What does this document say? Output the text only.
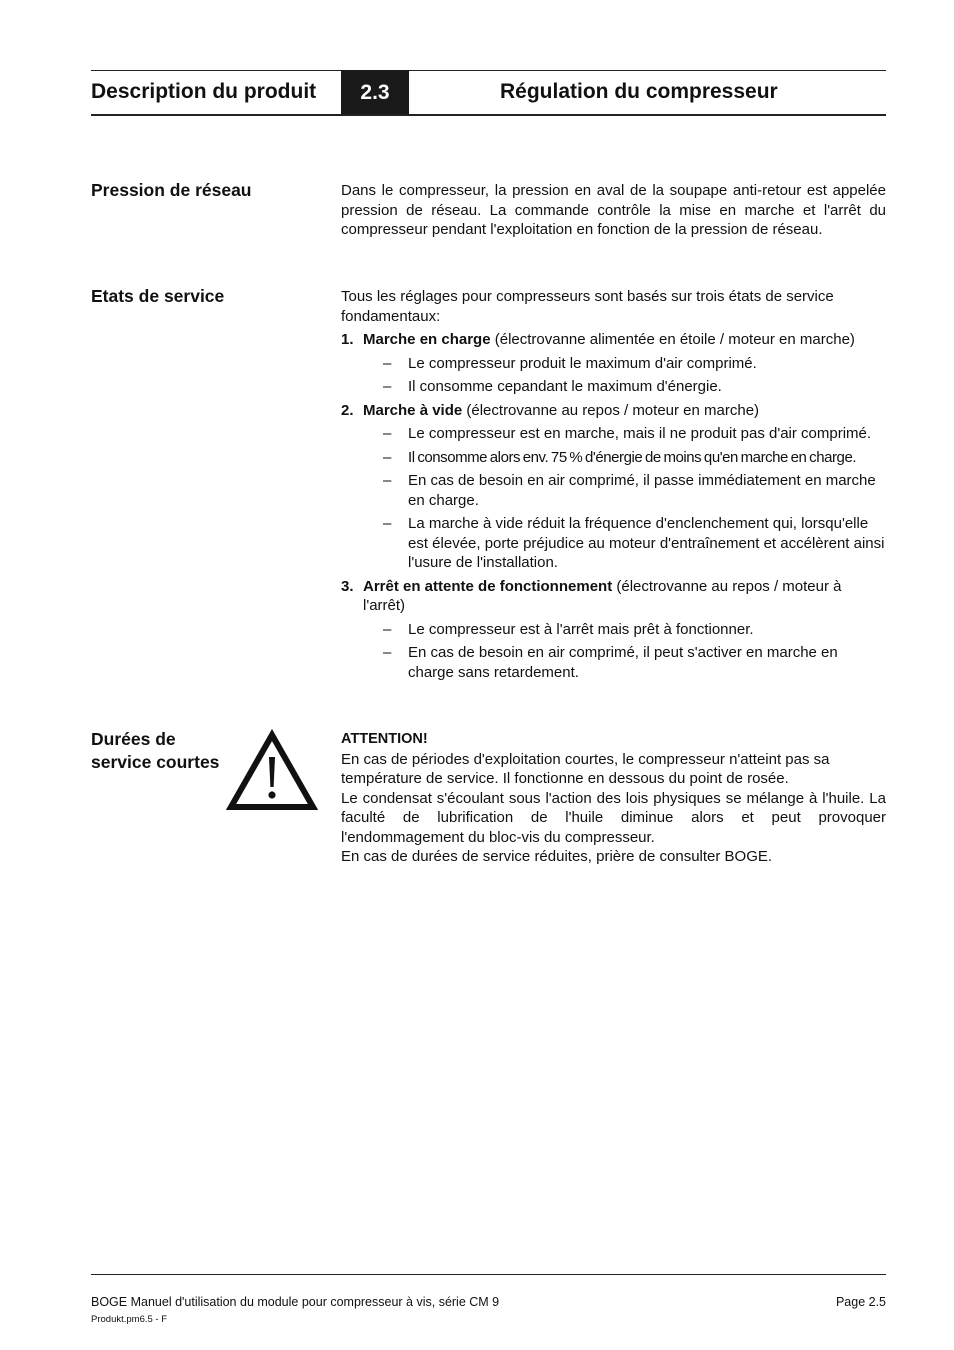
Description du produit	2.3	Régulation du compresseur
Pression de réseau	Dans le compresseur, la pression en aval de la soupape anti-retour est appelée pression de réseau. La commande contrôle la mise en marche et l'arrêt du compresseur pendant l'exploitation en fonction de la pression de réseau.

Etats de service	Tous les réglages pour compresseurs sont basés sur trois états de service fondamentaux:

1. Marche en charge (électrovanne alimentée en étoile / moteur en marche)
– Le compresseur produit le maximum d'air comprimé.
– Il consomme cepandant le maximum d'énergie.
2. Marche à vide (électrovanne au repos / moteur en marche)
– Le compresseur est en marche, mais il ne produit pas d'air comprimé.
– Il consomme alors env. 75 % d'énergie de moins qu'en marche en charge.
– En cas de besoin en air comprimé, il passe immédiatement en marche en charge.
– La marche à vide réduit la fréquence d'enclenchement qui, lorsqu'elle est élevée, porte préjudice au moteur d'entraînement et accélèrent ainsi l'usure de l'installation.
3. Arrêt en attente de fonctionnement (électrovanne au repos / moteur à l'arrêt)
– Le compresseur est à l'arrêt mais prêt à fonctionner.
– En cas de besoin en air comprimé, il peut s'activer en marche en charge sans retardement.
Durées de
service courtes

ATTENTION!

En cas de périodes d'exploitation courtes, le compresseur n'atteint pas sa température de service. Il fonctionne en dessous du point de rosée.

Le condensat s'écoulant sous l'action des lois physiques se mélange à l'huile. La faculté de lubrification de l'huile diminue alors et peut provoquer l'endommagement du bloc-vis du compresseur.

En cas de durées de service réduites, prière de consulter BOGE.

BOGE Manuel d'utilisation du module pour compresseur à vis, série CM 9	Page 2.5
Produkt.pm6.5 - F
